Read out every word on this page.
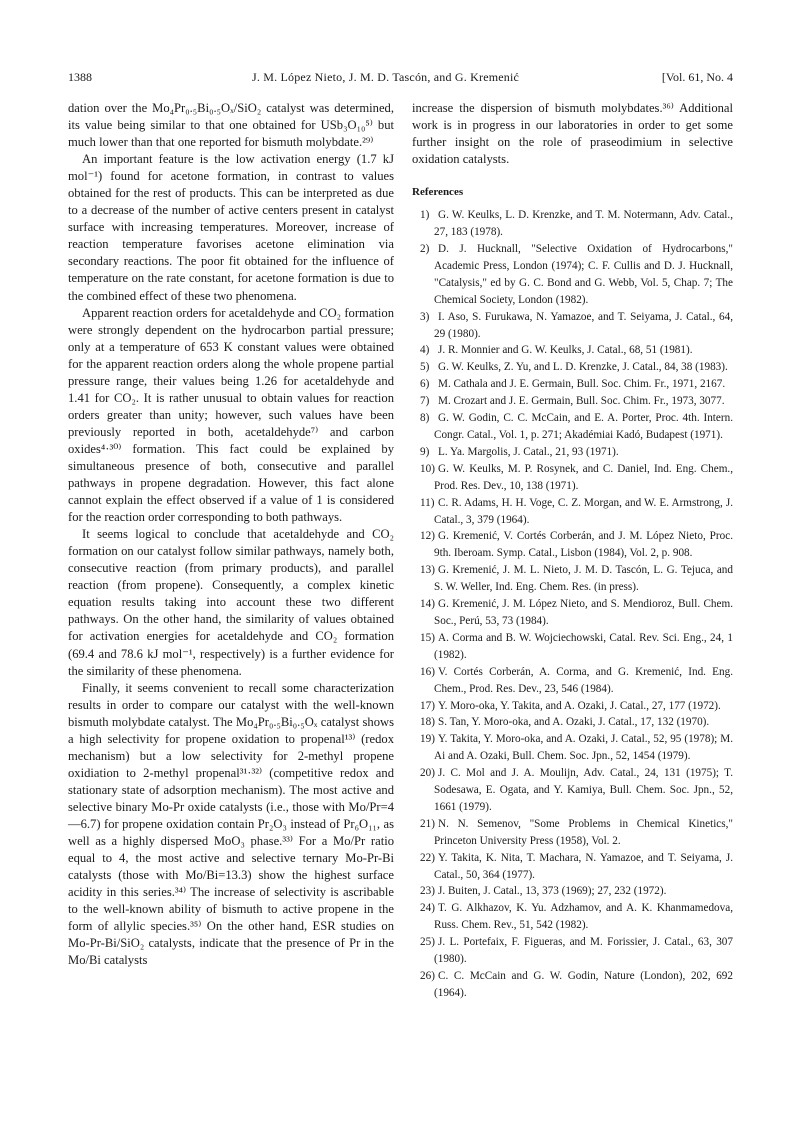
1388	J. M. López Nieto, J. M. D. Tascón, and G. Kremenić	[Vol. 61, No. 4

dation over the Mo₄Pr₀.₅Bi₀.₅Oₓ/SiO₂ catalyst was determined, its value being similar to that one obtained for USb₃O₁₀⁵⁾ but much lower than that one reported for bismuth molybdate.²⁹⁾

An important feature is the low activation energy (1.7 kJ mol⁻¹) found for acetone formation, in contrast to values obtained for the rest of products. This can be interpreted as due to a decrease of the number of active centers present in catalyst surface with increasing temperatures. Moreover, increase of reaction temperature favorises acetone elimination via secondary reactions. The poor fit obtained for the influence of temperature on the rate constant, for acetone formation is due to the combined effect of these two phenomena.

Apparent reaction orders for acetaldehyde and CO₂ formation were strongly dependent on the hydrocarbon partial pressure; only at a temperature of 653 K constant values were obtained for the apparent reaction orders along the whole propene partial pressure range, their values being 1.26 for acetaldehyde and 1.41 for CO₂. It is rather unusual to obtain values for reaction orders greater than unity; however, such values have been previously reported in both, acetaldehyde⁷⁾ and carbon oxides⁴·³⁰⁾ formation. This fact could be explained by simultaneous presence of both, consecutive and parallel pathways in propene degradation. However, this fact alone cannot explain the effect observed if a value of 1 is considered for the reaction order corresponding to both pathways.

It seems logical to conclude that acetaldehyde and CO₂ formation on our catalyst follow similar pathways, namely both, consecutive reaction (from primary products), and parallel reaction (from propene). Consequently, a complex kinetic equation results taking into account these two different pathways. On the other hand, the similarity of values obtained for activation energies for acetaldehyde and CO₂ formation (69.4 and 78.6 kJ mol⁻¹, respectively) is a further evidence for the similarity of these phenomena.

Finally, it seems convenient to recall some characterization results in order to compare our catalyst with the well-known bismuth molybdate catalyst. The Mo₄Pr₀.₅Bi₀.₅Oₓ catalyst shows a high selectivity for propene oxidation to propenal¹³⁾ (redox mechanism) but a low selectivity for 2-methyl propene oxidiation to 2-methyl propenal³¹·³²⁾ (competitive redox and stationary state of adsorption mechanism). The most active and selective binary Mo-Pr oxide catalysts (i.e., those with Mo/Pr=4—6.7) for propene oxidation contain Pr₂O₃ instead of Pr₆O₁₁, as well as a highly dispersed MoO₃ phase.³³⁾ For a Mo/Pr ratio equal to 4, the most active and selective ternary Mo-Pr-Bi catalysts (those with Mo/Bi=13.3) show the highest surface acidity in this series.³⁴⁾ The increase of selectivity is ascribable to the well-known ability of bismuth to active propene in the form of allylic species.³⁵⁾ On the other hand, ESR studies on Mo-Pr-Bi/SiO₂ catalysts, indicate that the presence of Pr in the Mo/Bi catalysts

increase the dispersion of bismuth molybdates.³⁶⁾ Additional work is in progress in our laboratories in order to get some further insight on the role of praseodimium in selective oxidation catalysts.

References
1) G. W. Keulks, L. D. Krenzke, and T. M. Notermann, Adv. Catal., 27, 183 (1978).
2) D. J. Hucknall, "Selective Oxidation of Hydrocarbons," Academic Press, London (1974); C. F. Cullis and D. J. Hucknall, "Catalysis," ed by G. C. Bond and G. Webb, Vol. 5, Chap. 7; The Chemical Society, London (1982).
3) I. Aso, S. Furukawa, N. Yamazoe, and T. Seiyama, J. Catal., 64, 29 (1980).
4) J. R. Monnier and G. W. Keulks, J. Catal., 68, 51 (1981).
5) G. W. Keulks, Z. Yu, and L. D. Krenzke, J. Catal., 84, 38 (1983).
6) M. Cathala and J. E. Germain, Bull. Soc. Chim. Fr., 1971, 2167.
7) M. Crozart and J. E. Germain, Bull. Soc. Chim. Fr., 1973, 3077.
8) G. W. Godin, C. C. McCain, and E. A. Porter, Proc. 4th. Intern. Congr. Catal., Vol. 1, p. 271; Akadémiai Kadó, Budapest (1971).
9) L. Ya. Margolis, J. Catal., 21, 93 (1971).
10) G. W. Keulks, M. P. Rosynek, and C. Daniel, Ind. Eng. Chem., Prod. Res. Dev., 10, 138 (1971).
11) C. R. Adams, H. H. Voge, C. Z. Morgan, and W. E. Armstrong, J. Catal., 3, 379 (1964).
12) G. Kremenić, V. Cortés Corberán, and J. M. López Nieto, Proc. 9th. Iberoam. Symp. Catal., Lisbon (1984), Vol. 2, p. 908.
13) G. Kremenić, J. M. L. Nieto, J. M. D. Tascón, L. G. Tejuca, and S. W. Weller, Ind. Eng. Chem. Res. (in press).
14) G. Kremenić, J. M. López Nieto, and S. Mendioroz, Bull. Chem. Soc., Perú, 53, 73 (1984).
15) A. Corma and B. W. Wojciechowski, Catal. Rev. Sci. Eng., 24, 1 (1982).
16) V. Cortés Corberán, A. Corma, and G. Kremenić, Ind. Eng. Chem., Prod. Res. Dev., 23, 546 (1984).
17) Y. Moro-oka, Y. Takita, and A. Ozaki, J. Catal., 27, 177 (1972).
18) S. Tan, Y. Moro-oka, and A. Ozaki, J. Catal., 17, 132 (1970).
19) Y. Takita, Y. Moro-oka, and A. Ozaki, J. Catal., 52, 95 (1978); M. Ai and A. Ozaki, Bull. Chem. Soc. Jpn., 52, 1454 (1979).
20) J. C. Mol and J. A. Moulijn, Adv. Catal., 24, 131 (1975); T. Sodesawa, E. Ogata, and Y. Kamiya, Bull. Chem. Soc. Jpn., 52, 1661 (1979).
21) N. N. Semenov, "Some Problems in Chemical Kinetics," Princeton University Press (1958), Vol. 2.
22) Y. Takita, K. Nita, T. Machara, N. Yamazoe, and T. Seiyama, J. Catal., 50, 364 (1977).
23) J. Buiten, J. Catal., 13, 373 (1969); 27, 232 (1972).
24) T. G. Alkhazov, K. Yu. Adzhamov, and A. K. Khanmamedova, Russ. Chem. Rev., 51, 542 (1982).
25) J. L. Portefaix, F. Figueras, and M. Forissier, J. Catal., 63, 307 (1980).
26) C. C. McCain and G. W. Godin, Nature (London), 202, 692 (1964).
